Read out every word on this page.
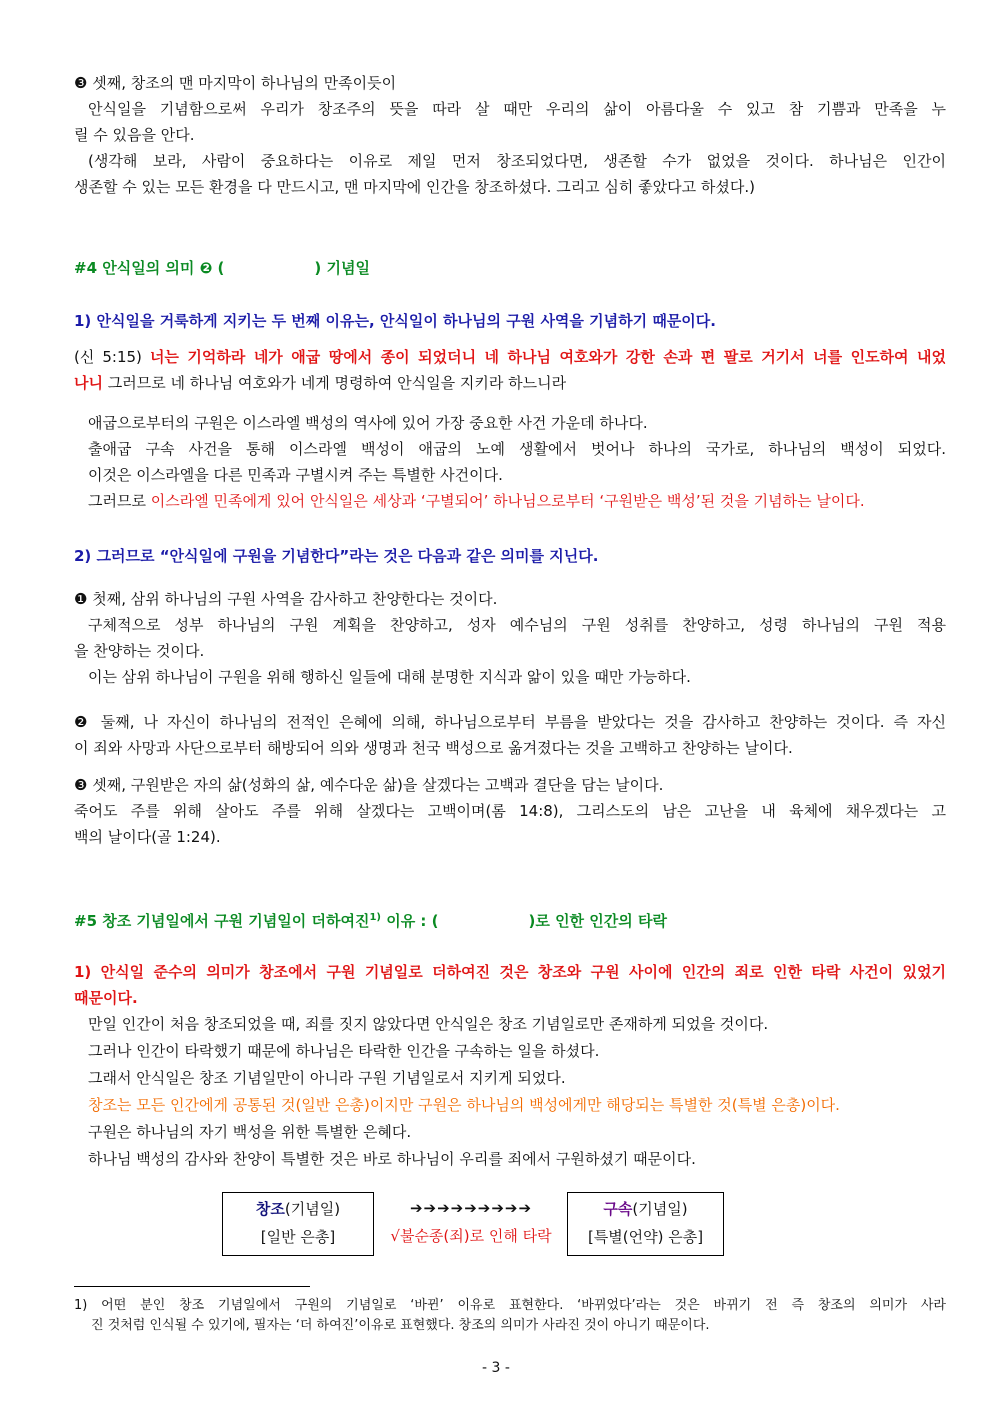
❸ 셋째, 창조의 맨 마지막이 하나님의 만족이듯이
안식일을 기념함으로써 우리가 창조주의 뜻을 따라 살 때만 우리의 삶이 아름다울 수 있고 참 기쁨과 만족을 누
릴 수 있음을 안다.
(생각해 보라, 사람이 중요하다는 이유로 제일 먼저 창조되었다면, 생존할 수가 없었을 것이다. 하나님은 인간이
생존할 수 있는 모든 환경을 다 만드시고, 맨 마지막에 인간을 창조하셨다. 그리고 심히 좋았다고 하셨다.)
#4 안식일의 의미 ❷ (	) 기념일
1) 안식일을 거룩하게 지키는 두 번째 이유는, 안식일이 하나님의 구원 사역을 기념하기 때문이다.
(신 5:15) 너는 기억하라 네가 애굽 땅에서 종이 되었더니 네 하나님 여호와가 강한 손과 편 팔로 거기서 너를 인도하여 내었
나니 그러므로 네 하나님 여호와가 네게 명령하여 안식일을 지키라 하느니라
애굽으로부터의 구원은 이스라엘 백성의 역사에 있어 가장 중요한 사건 가운데 하나다.
출애굽 구속 사건을 통해 이스라엘 백성이 애굽의 노예 생활에서 벗어나 하나의 국가로, 하나님의 백성이 되었다.
이것은 이스라엘을 다른 민족과 구별시켜 주는 특별한 사건이다.
그러므로 이스라엘 민족에게 있어 안식일은 세상과 ‘구별되어’ 하나님으로부터 ‘구원받은 백성’된 것을 기념하는 날이다.
2) 그러므로 “안식일에 구원을 기념한다”라는 것은 다음과 같은 의미를 지닌다.
❶ 첫째, 삼위 하나님의 구원 사역을 감사하고 찬양한다는 것이다.
구체적으로 성부 하나님의 구원 계획을 찬양하고, 성자 예수님의 구원 성취를 찬양하고, 성령 하나님의 구원 적용
을 찬양하는 것이다.
이는 삼위 하나님이 구원을 위해 행하신 일들에 대해 분명한 지식과 앎이 있을 때만 가능하다.
❷ 둘째, 나 자신이 하나님의 전적인 은혜에 의해, 하나님으로부터 부름을 받았다는 것을 감사하고 찬양하는 것이다. 즉 자신
이 죄와 사망과 사단으로부터 해방되어 의와 생명과 천국 백성으로 옮겨졌다는 것을 고백하고 찬양하는 날이다.
❸ 셋째, 구원받은 자의 삶(성화의 삶, 예수다운 삶)을 살겠다는 고백과 결단을 담는 날이다.
죽어도 주를 위해 살아도 주를 위해 살겠다는 고백이며(롬 14:8), 그리스도의 남은 고난을 내 육체에 채우겠다는 고
백의 날이다(골 1:24).
#5 창조 기념일에서 구원 기념일이 더하여진$^{1)}$ 이유 : (	)로 인한 인간의 타락
1) 안식일 준수의 의미가 창조에서 구원 기념일로 더하여진 것은 창조와 구원 사이에 인간의 죄로 인한 타락 사건이 있었기
때문이다.
만일 인간이 처음 창조되었을 때, 죄를 짓지 않았다면 안식일은 창조 기념일로만 존재하게 되었을 것이다.
그러나 인간이 타락했기 때문에 하나님은 타락한 인간을 구속하는 일을 하셨다.
그래서 안식일은 창조 기념일만이 아니라 구원 기념일로서 지키게 되었다.
창조는 모든 인간에게 공통된 것(일반 은총)이지만 구원은 하나님의 백성에게만 해당되는 특별한 것(특별 은총)이다.
구원은 하나님의 자기 백성을 위한 특별한 은혜다.
하나님 백성의 감사와 찬양이 특별한 것은 바로 하나님이 우리를 죄에서 구원하셨기 때문이다.
창조(기념일)
[일반 은총]
➔➔➔➔➔➔➔➔➔
√불순종(죄)로 인해 타락
구속(기념일)
[특별(언약) 은총]
1) 어떤 분인 창조 기념일에서 구원의 기념일로 ‘바뀐’ 이유로 표현한다. ‘바뀌었다’라는 것은 바뀌기 전 즉 창조의 의미가 사라
진 것처럼 인식될 수 있기에, 필자는 ‘더 하여진’이유로 표현했다. 창조의 의미가 사라진 것이 아니기 때문이다.
- 3 -
